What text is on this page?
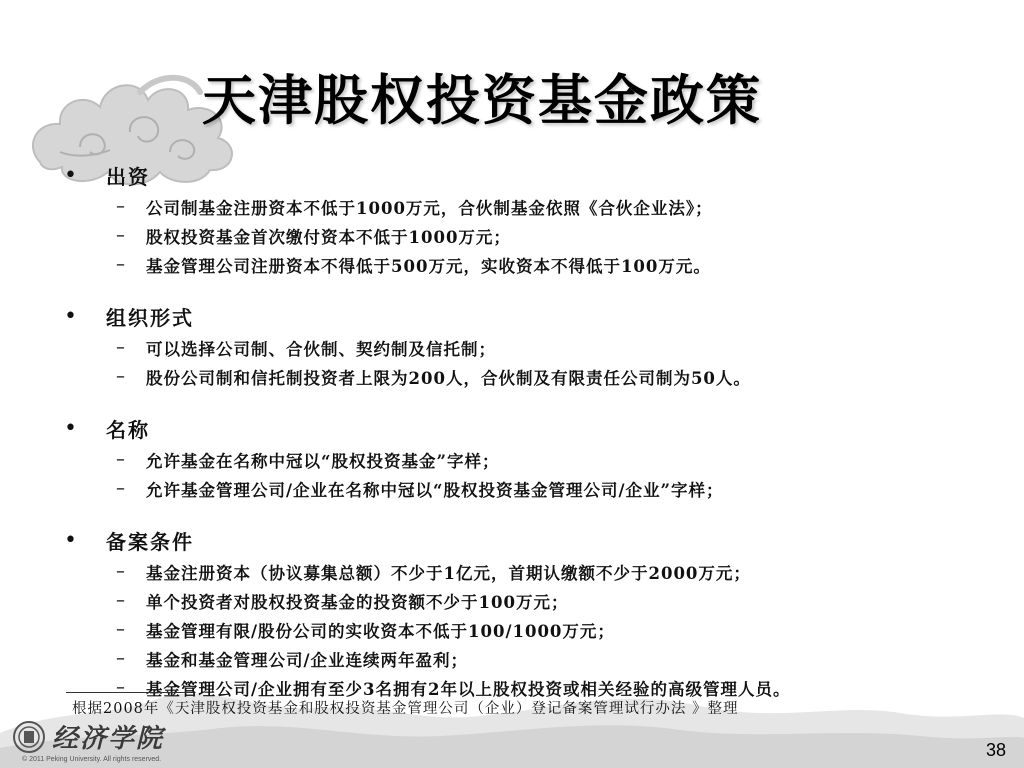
天津股权投资基金政策
•	出资
–	公司制基金注册资本不低于1000万元，合伙制基金依照《合伙企业法》；
–	股权投资基金首次缴付资本不低于1000万元；
–	基金管理公司注册资本不得低于500万元，实收资本不得低于100万元。
•	组织形式
–	可以选择公司制、合伙制、契约制及信托制；
–	股份公司制和信托制投资者上限为200人，合伙制及有限责任公司制为50人。
•	名称
–	允许基金在名称中冠以“股权投资基金”字样；
–	允许基金管理公司/企业在名称中冠以“股权投资基金管理公司/企业”字样；
•	备案条件
–	基金注册资本（协议募集总额）不少于1亿元，首期认缴额不少于2000万元；
–	单个投资者对股权投资基金的投资额不少于100万元；
–	基金管理有限/股份公司的实收资本不低于100/1000万元；
–	基金和基金管理公司/企业连续两年盈利；
–	基金管理公司/企业拥有至少3名拥有2年以上股权投资或相关经验的高级管理人员。
根据2008年《天津股权投资基金和股权投资基金管理公司（企业）登记备案管理试行办法 》整理
经济学院
© 2011 Peking University. All rights reserved.	38
